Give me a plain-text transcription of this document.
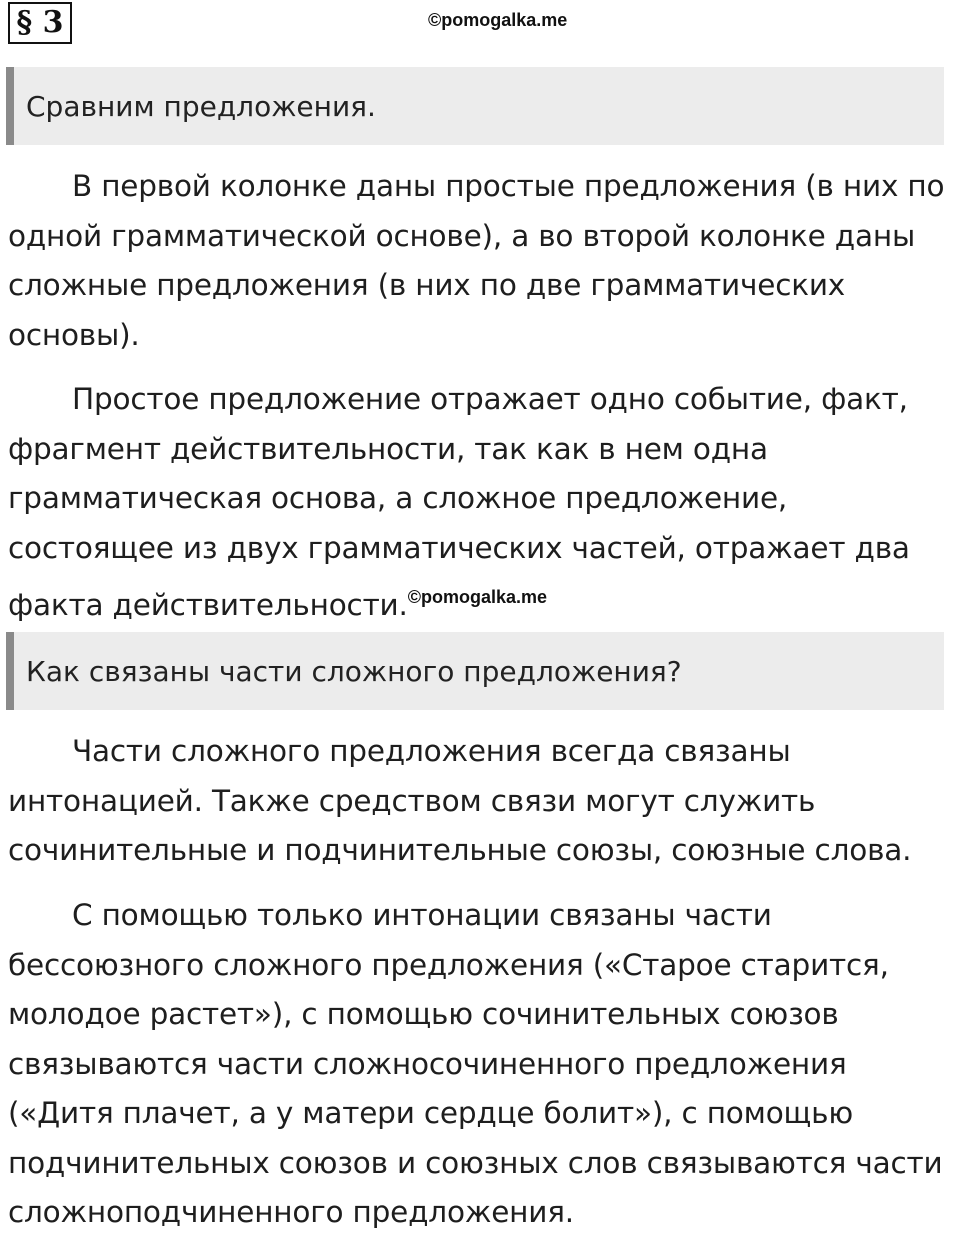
§ 3	©pomogalka.me
Сравним предложения.

В первой колонке даны простые предложения (в них по одной грамматической основе), а во второй колонке даны сложные предложения (в них по две грамматических основы).

Простое предложение отражает одно событие, факт, фрагмент действительности, так как в нем одна грамматическая основа, а сложное предложение, состоящее из двух грамматических частей, отражает два факта действительности.$^{©pomogalka.me}$

Как связаны части сложного предложения?

Части сложного предложения всегда связаны интонацией. Также средством связи могут служить сочинительные и подчинительные союзы, союзные слова.

С помощью только интонации связаны части бессоюзного сложного предложения («Старое старится, молодое растет»), с помощью сочинительных союзов связываются части сложносочиненного предложения («Дитя плачет, а у матери сердце болит»), с помощью подчинительных союзов и союзных слов связываются части сложноподчиненного предложения.
